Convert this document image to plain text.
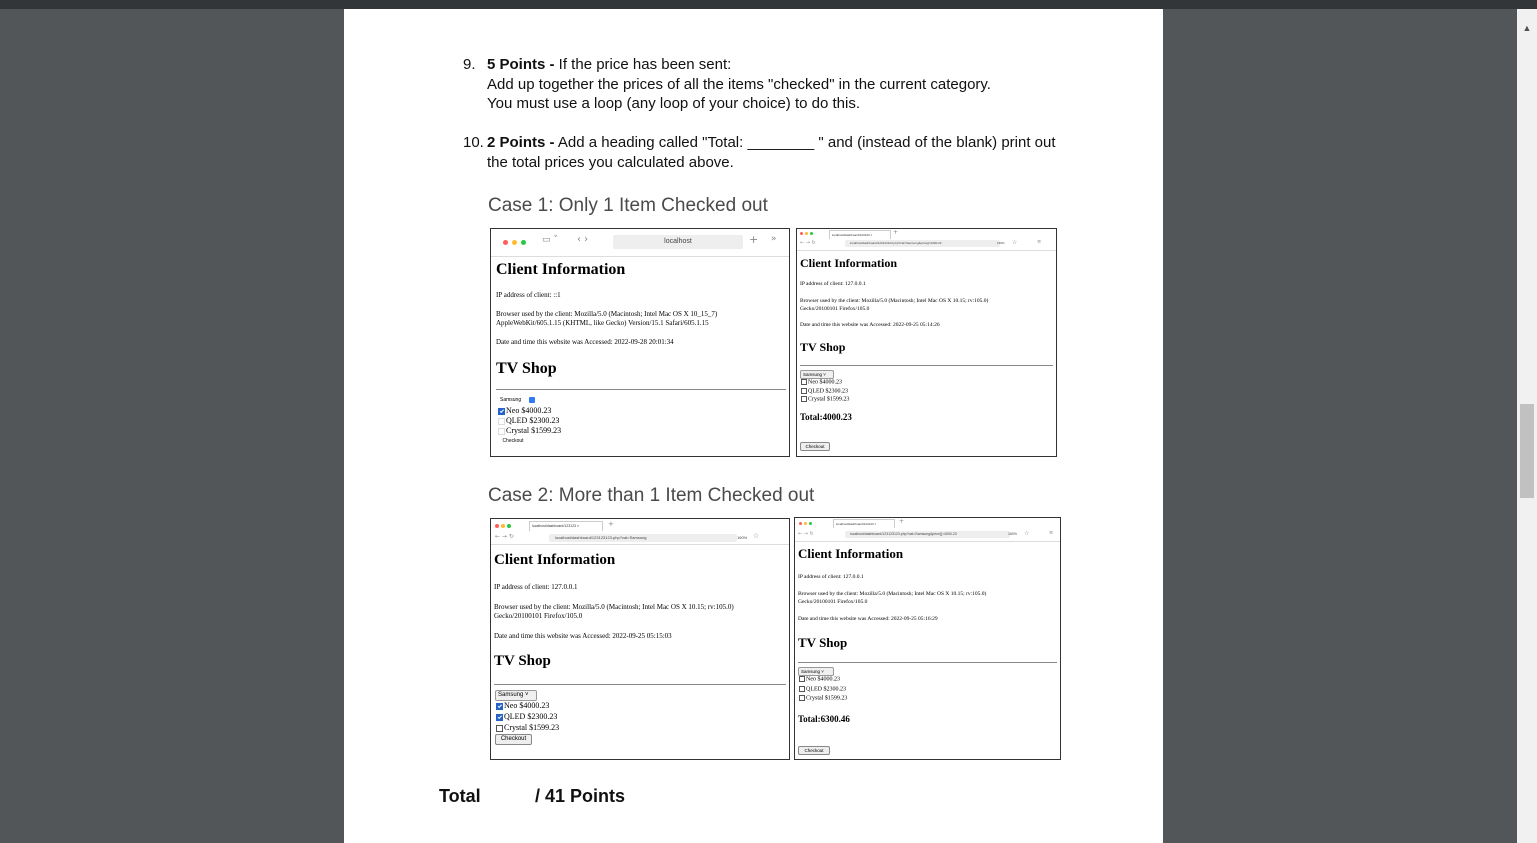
▲
9. 5 Points - If the price has been sent:
Add up together the prices of all the items "checked" in the current category.
You must use a loop (any loop of your choice) to do this.
10. 2 Points - Add a heading called "Total: ________ " and (instead of the blank) print out
the total prices you calculated above.
Case 1: Only 1 Item Checked out
▭ ˅ ‹ ›	localhost	+ »
Client Information

IP address of client: ::1

Browser used by the client: Mozilla/5.0 (Macintosh; Intel Mac OS X 10_15_7)

AppleWebKit/605.1.15 (KHTML, like Gecko) Version/15.1 Safari/605.1.15

Date and time this website was Accessed: 2022-09-28 20:01:34

TV Shop
Samsung

Neo $4000.23

QLED $2300.23

Crystal $1599.23

Checkout
localhost/dashboard/123123 ×	+
← → ↻	localhost/dashboard/123123123.php?cat=Samsung&price[]=4000.23	160% ☆	≡
Client Information

IP address of client: 127.0.0.1

Browser used by the client: Mozilla/5.0 (Macintosh; Intel Mac OS X 10.15; rv:105.0)

Gecko/20100101 Firefox/105.0

Date and time this website was Accessed: 2022-09-25 05:14:26

TV Shop
Samsung ˅

Neo $4000.23

QLED $2300.23

Crystal $1599.23

Total:4000.23
Checkout
Case 2: More than 1 Item Checked out
localhost/dashboard/123123 ×	+
← → ↻	localhost/dashboard/123123123.php?cat=Samsung	160% ☆
Client Information

IP address of client: 127.0.0.1

Browser used by the client: Mozilla/5.0 (Macintosh; Intel Mac OS X 10.15; rv:105.0)

Gecko/20100101 Firefox/105.0

Date and time this website was Accessed: 2022-09-25 05:15:03

TV Shop
Samsung ˅

Neo $4000.23

QLED $2300.23

Crystal $1599.23

Checkout
localhost/dashboard/123123 ×	+
← → ↻	localhost/dashboard/123123123.php?cat=Samsung&price[]=4000.23	160% ☆	≡
Client Information

IP address of client: 127.0.0.1

Browser used by the client: Mozilla/5.0 (Macintosh; Intel Mac OS X 10.15; rv:105.0)

Gecko/20100101 Firefox/105.0

Date and time this website was Accessed: 2022-09-25 05:16:29

TV Shop
Samsung ˅

Neo $4000.23

QLED $2300.23

Crystal $1599.23

Total:6300.46
Checkout
Total	/ 41 Points
